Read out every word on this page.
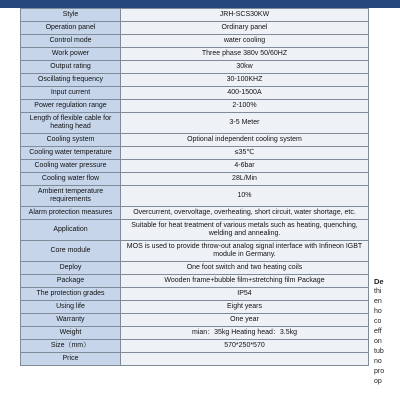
Style	JRH-SCS30KW
Operation panel	Ordinary panel
Control mode	water cooling
Work power	Three phase 380v 50/60HZ
Output rating	30kw
Oscillating frequency	30-100KHZ
Input current	400-1500A
Power regulation range	2-100%
Length of flexible cable for heating head	3-5 Meter
Cooling system	Optional independent cooling system
Cooling water temperature	≤35℃
Cooling water pressure	4-6bar
Cooling water flow	28L/Min
Ambient temperature requirements	10%
Alarm protection measures	Overcurrent, overvoltage, overheating, short circuit, water shortage, etc.
Application	Suitable for heat treatment of various metals such as heating, quenching, welding and annealing.
Core module	MOS is used to provide throw-out analog signal interface with Infineon IGBT module in Germany.
Deploy	One foot switch and two heating coils
Package	Wooden frame+bubble film+stretching film Package
The protection grades	IP54
Using life	Eight years
Warranty	One year
Weight	mian：35kg Heating head：3.5kg
Size（mm）	570*250*570
Price	
De
thi
en
ho
co
eff
on
tub
no
pro
op
